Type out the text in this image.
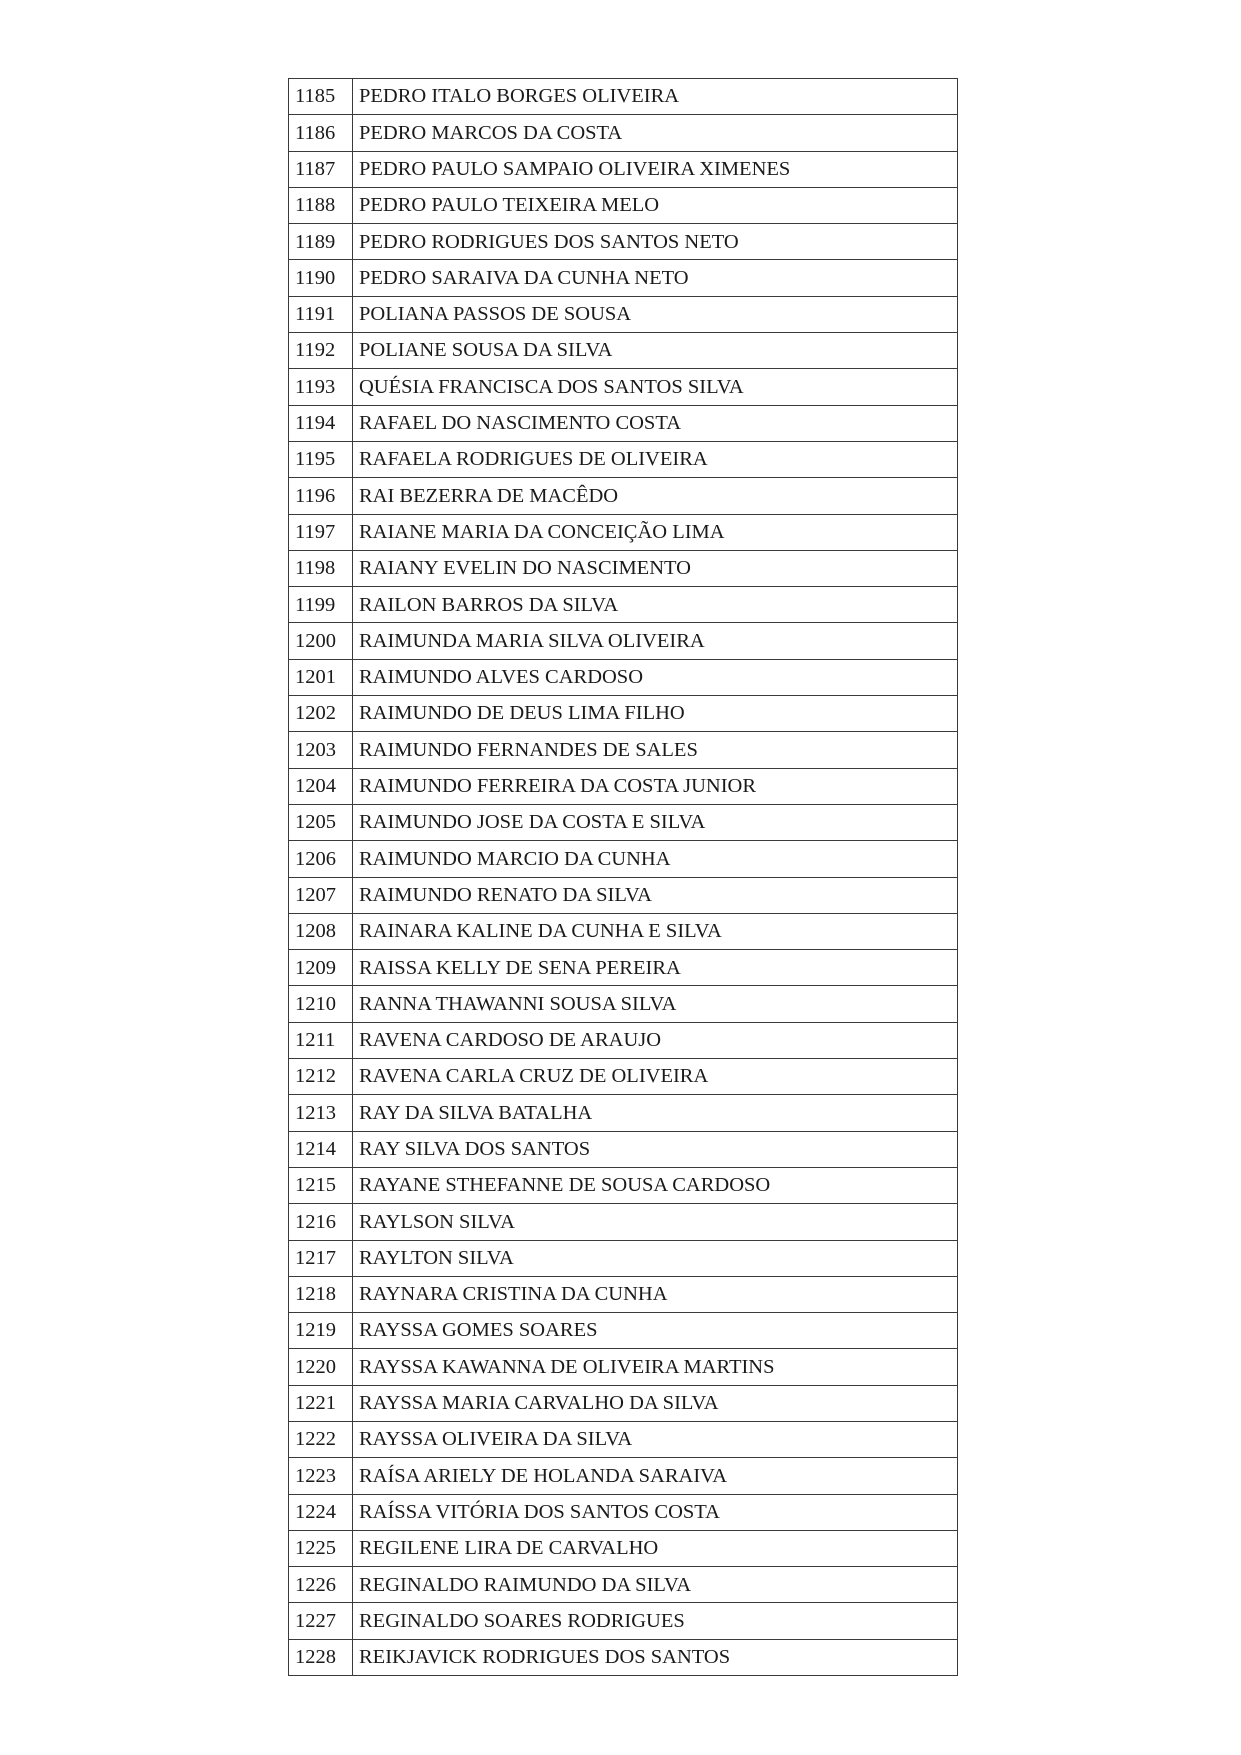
1185	PEDRO ITALO BORGES OLIVEIRA
1186	PEDRO MARCOS DA COSTA
1187	PEDRO PAULO SAMPAIO OLIVEIRA XIMENES
1188	PEDRO PAULO TEIXEIRA MELO
1189	PEDRO RODRIGUES DOS SANTOS NETO
1190	PEDRO SARAIVA DA CUNHA NETO
1191	POLIANA PASSOS DE SOUSA
1192	POLIANE SOUSA DA SILVA
1193	QUÉSIA FRANCISCA DOS SANTOS SILVA
1194	RAFAEL DO NASCIMENTO COSTA
1195	RAFAELA RODRIGUES DE OLIVEIRA
1196	RAI BEZERRA DE MACÊDO
1197	RAIANE MARIA DA CONCEIÇÃO LIMA
1198	RAIANY EVELIN DO NASCIMENTO
1199	RAILON BARROS DA SILVA
1200	RAIMUNDA MARIA SILVA OLIVEIRA
1201	RAIMUNDO ALVES CARDOSO
1202	RAIMUNDO DE DEUS LIMA FILHO
1203	RAIMUNDO FERNANDES DE SALES
1204	RAIMUNDO FERREIRA DA COSTA JUNIOR
1205	RAIMUNDO JOSE DA COSTA E SILVA
1206	RAIMUNDO MARCIO DA CUNHA
1207	RAIMUNDO RENATO DA SILVA
1208	RAINARA KALINE DA CUNHA E SILVA
1209	RAISSA KELLY DE SENA PEREIRA
1210	RANNA THAWANNI SOUSA SILVA
1211	RAVENA CARDOSO DE ARAUJO
1212	RAVENA CARLA CRUZ DE OLIVEIRA
1213	RAY DA SILVA BATALHA
1214	RAY SILVA DOS SANTOS
1215	RAYANE STHEFANNE DE SOUSA CARDOSO
1216	RAYLSON SILVA
1217	RAYLTON SILVA
1218	RAYNARA CRISTINA DA CUNHA
1219	RAYSSA GOMES SOARES
1220	RAYSSA KAWANNA DE OLIVEIRA MARTINS
1221	RAYSSA MARIA CARVALHO DA SILVA
1222	RAYSSA OLIVEIRA DA SILVA
1223	RAÍSA ARIELY DE HOLANDA SARAIVA
1224	RAÍSSA VITÓRIA DOS SANTOS COSTA
1225	REGILENE LIRA DE CARVALHO
1226	REGINALDO RAIMUNDO DA SILVA
1227	REGINALDO SOARES RODRIGUES
1228	REIKJAVICK RODRIGUES DOS SANTOS
